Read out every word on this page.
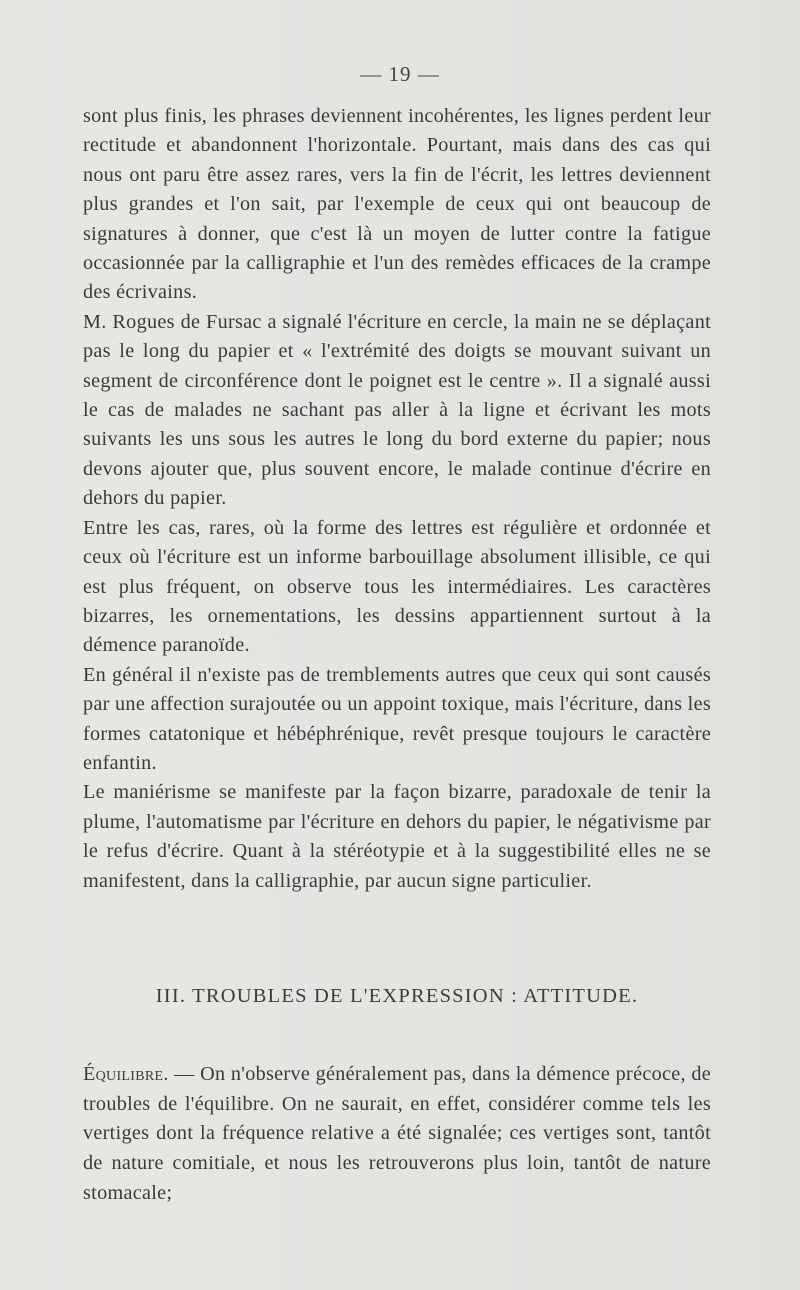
— 19 —

sont plus finis, les phrases deviennent incohérentes, les lignes perdent leur rectitude et abandonnent l'horizontale. Pourtant, mais dans des cas qui nous ont paru être assez rares, vers la fin de l'écrit, les lettres deviennent plus grandes et l'on sait, par l'exemple de ceux qui ont beaucoup de signatures à donner, que c'est là un moyen de lutter contre la fatigue occasionnée par la calligraphie et l'un des remèdes efficaces de la crampe des écrivains.

M. Rogues de Fursac a signalé l'écriture en cercle, la main ne se déplaçant pas le long du papier et « l'extrémité des doigts se mouvant suivant un segment de circonférence dont le poignet est le centre ». Il a signalé aussi le cas de malades ne sachant pas aller à la ligne et écrivant les mots suivants les uns sous les autres le long du bord externe du papier; nous devons ajouter que, plus souvent encore, le malade continue d'écrire en dehors du papier.

Entre les cas, rares, où la forme des lettres est régulière et ordonnée et ceux où l'écriture est un informe barbouillage absolument illisible, ce qui est plus fréquent, on observe tous les intermédiaires. Les caractères bizarres, les ornementations, les dessins appartiennent surtout à la démence paranoïde.

En général il n'existe pas de tremblements autres que ceux qui sont causés par une affection surajoutée ou un appoint toxique, mais l'écriture, dans les formes catatonique et hébéphrénique, revêt presque toujours le caractère enfantin.

Le maniérisme se manifeste par la façon bizarre, paradoxale de tenir la plume, l'automatisme par l'écriture en dehors du papier, le négativisme par le refus d'écrire. Quant à la stéréotypie et à la suggestibilité elles ne se manifestent, dans la calligraphie, par aucun signe particulier.

III. TROUBLES DE L'EXPRESSION : ATTITUDE.

Équilibre. — On n'observe généralement pas, dans la démence précoce, de troubles de l'équilibre. On ne saurait, en effet, considérer comme tels les vertiges dont la fréquence relative a été signalée; ces vertiges sont, tantôt de nature comitiale, et nous les retrouverons plus loin, tantôt de nature stomacale;
